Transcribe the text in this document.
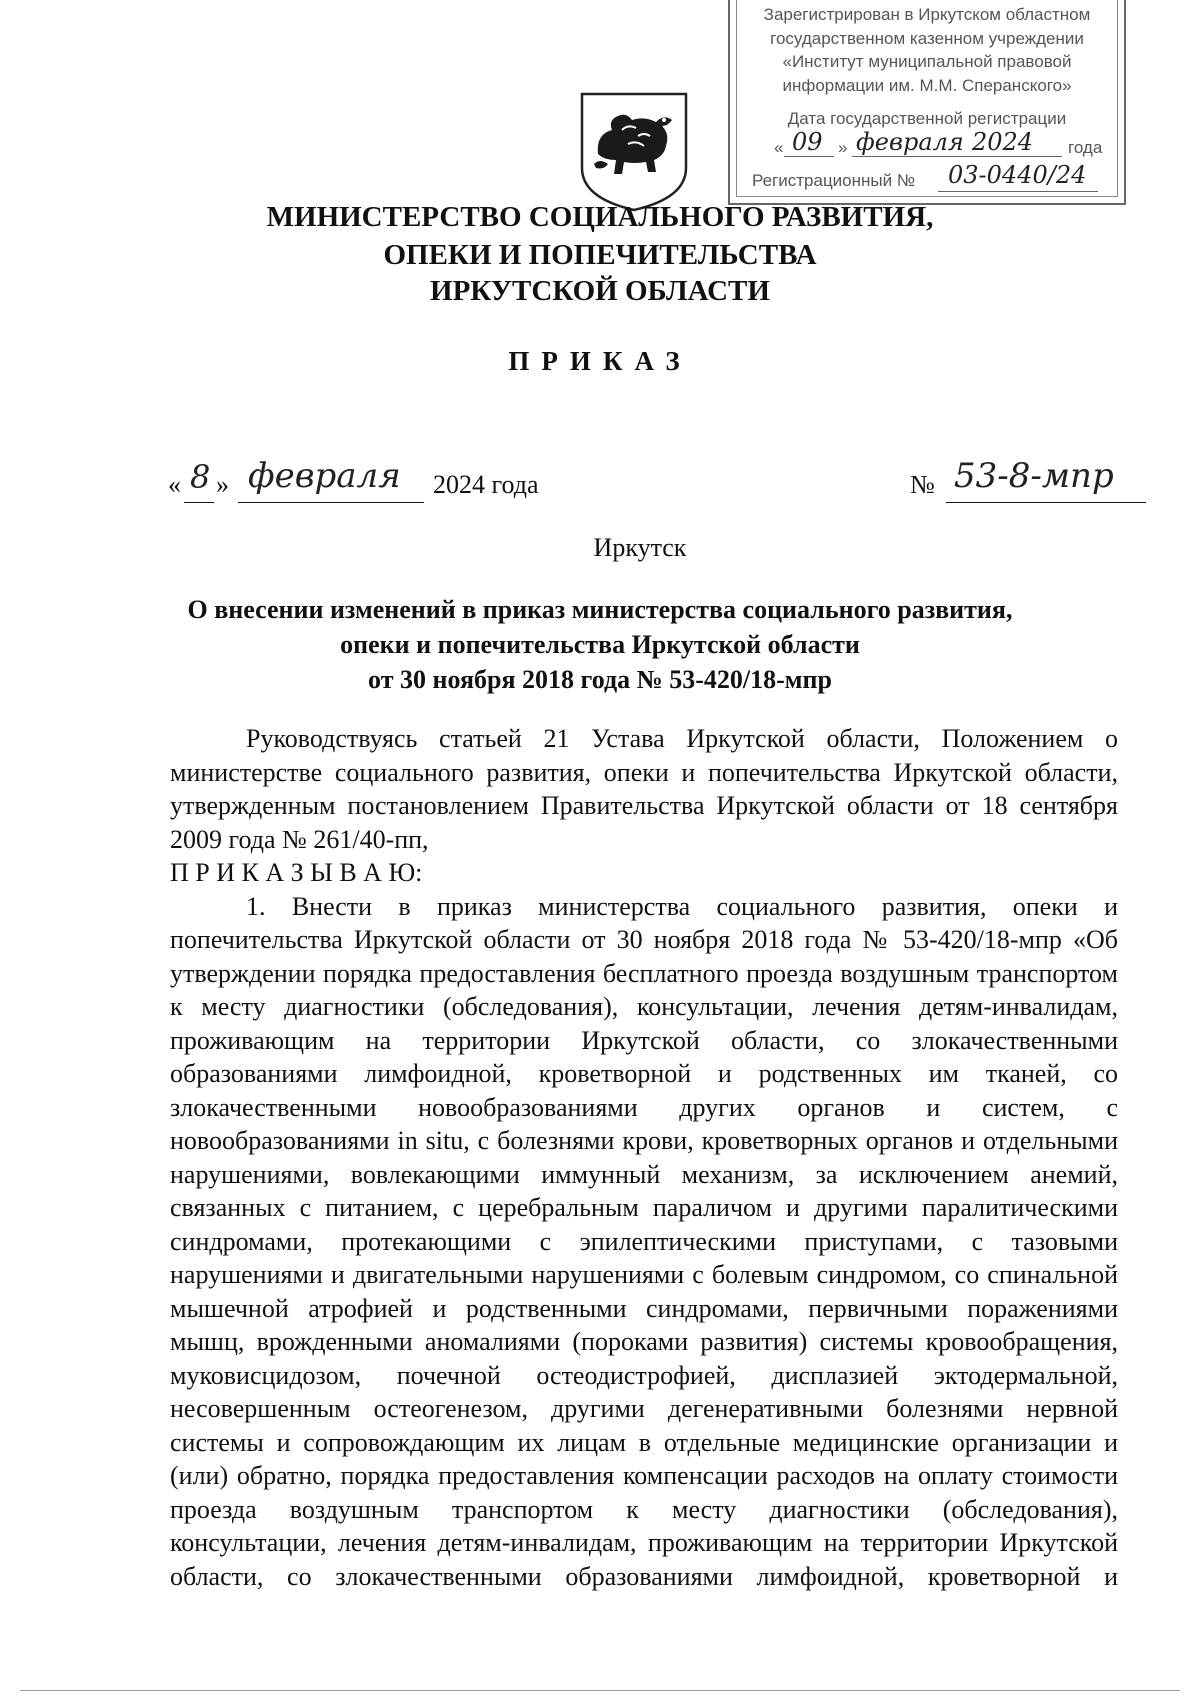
Зарегистрирован в Иркутском областном
государственном казенном учреждении
«Институт муниципальной правовой
информации им. М.М. Сперанского»
Дата государственной регистрации
« 09 » февраля 2024 года
Регистрационный № 03-0440/24
МИНИСТЕРСТВО СОЦИАЛЬНОГО РАЗВИТИЯ,
ОПЕКИ И ПОПЕЧИТЕЛЬСТВА
ИРКУТСКОЙ ОБЛАСТИ
ПРИКАЗ
« 8 » февраля 2024 года	№ 53-8-мпр
Иркутск
О внесении изменений в приказ министерства социального развития,
опеки и попечительства Иркутской области
от 30 ноября 2018 года № 53-420/18-мпр

Руководствуясь статьей 21 Устава Иркутской области, Положением о министерстве социального развития, опеки и попечительства Иркутской области, утвержденным постановлением Правительства Иркутской области от 18 сентября 2009 года № 261/40-пп,

П Р И К А З Ы В А Ю:

1. Внести в приказ министерства социального развития, опеки и попечительства Иркутской области от 30 ноября 2018 года № 53-420/18-мпр «Об утверждении порядка предоставления бесплатного проезда воздушным транспортом к месту диагностики (обследования), консультации, лечения детям-инвалидам, проживающим на территории Иркутской области, со злокачественными образованиями лимфоидной, кроветворной и родственных им тканей, со злокачественными новообразованиями других органов и систем, с новообразованиями in situ, с болезнями крови, кроветворных органов и отдельными нарушениями, вовлекающими иммунный механизм, за исключением анемий, связанных с питанием, с церебральным параличом и другими паралитическими синдромами, протекающими с эпилептическими приступами, с тазовыми нарушениями и двигательными нарушениями с болевым синдромом, со спинальной мышечной атрофией и родственными синдромами, первичными поражениями мышц, врожденными аномалиями (пороками развития) системы кровообращения, муковисцидозом, почечной остеодистрофией, дисплазией эктодермальной, несовершенным остеогенезом, другими дегенеративными болезнями нервной системы и сопровождающим их лицам в отдельные медицинские организации и (или) обратно, порядка предоставления компенсации расходов на оплату стоимости проезда воздушным транспортом к месту диагностики (обследования), консультации, лечения детям-инвалидам, проживающим на территории Иркутской области, со злокачественными образованиями лимфоидной, кроветворной и
